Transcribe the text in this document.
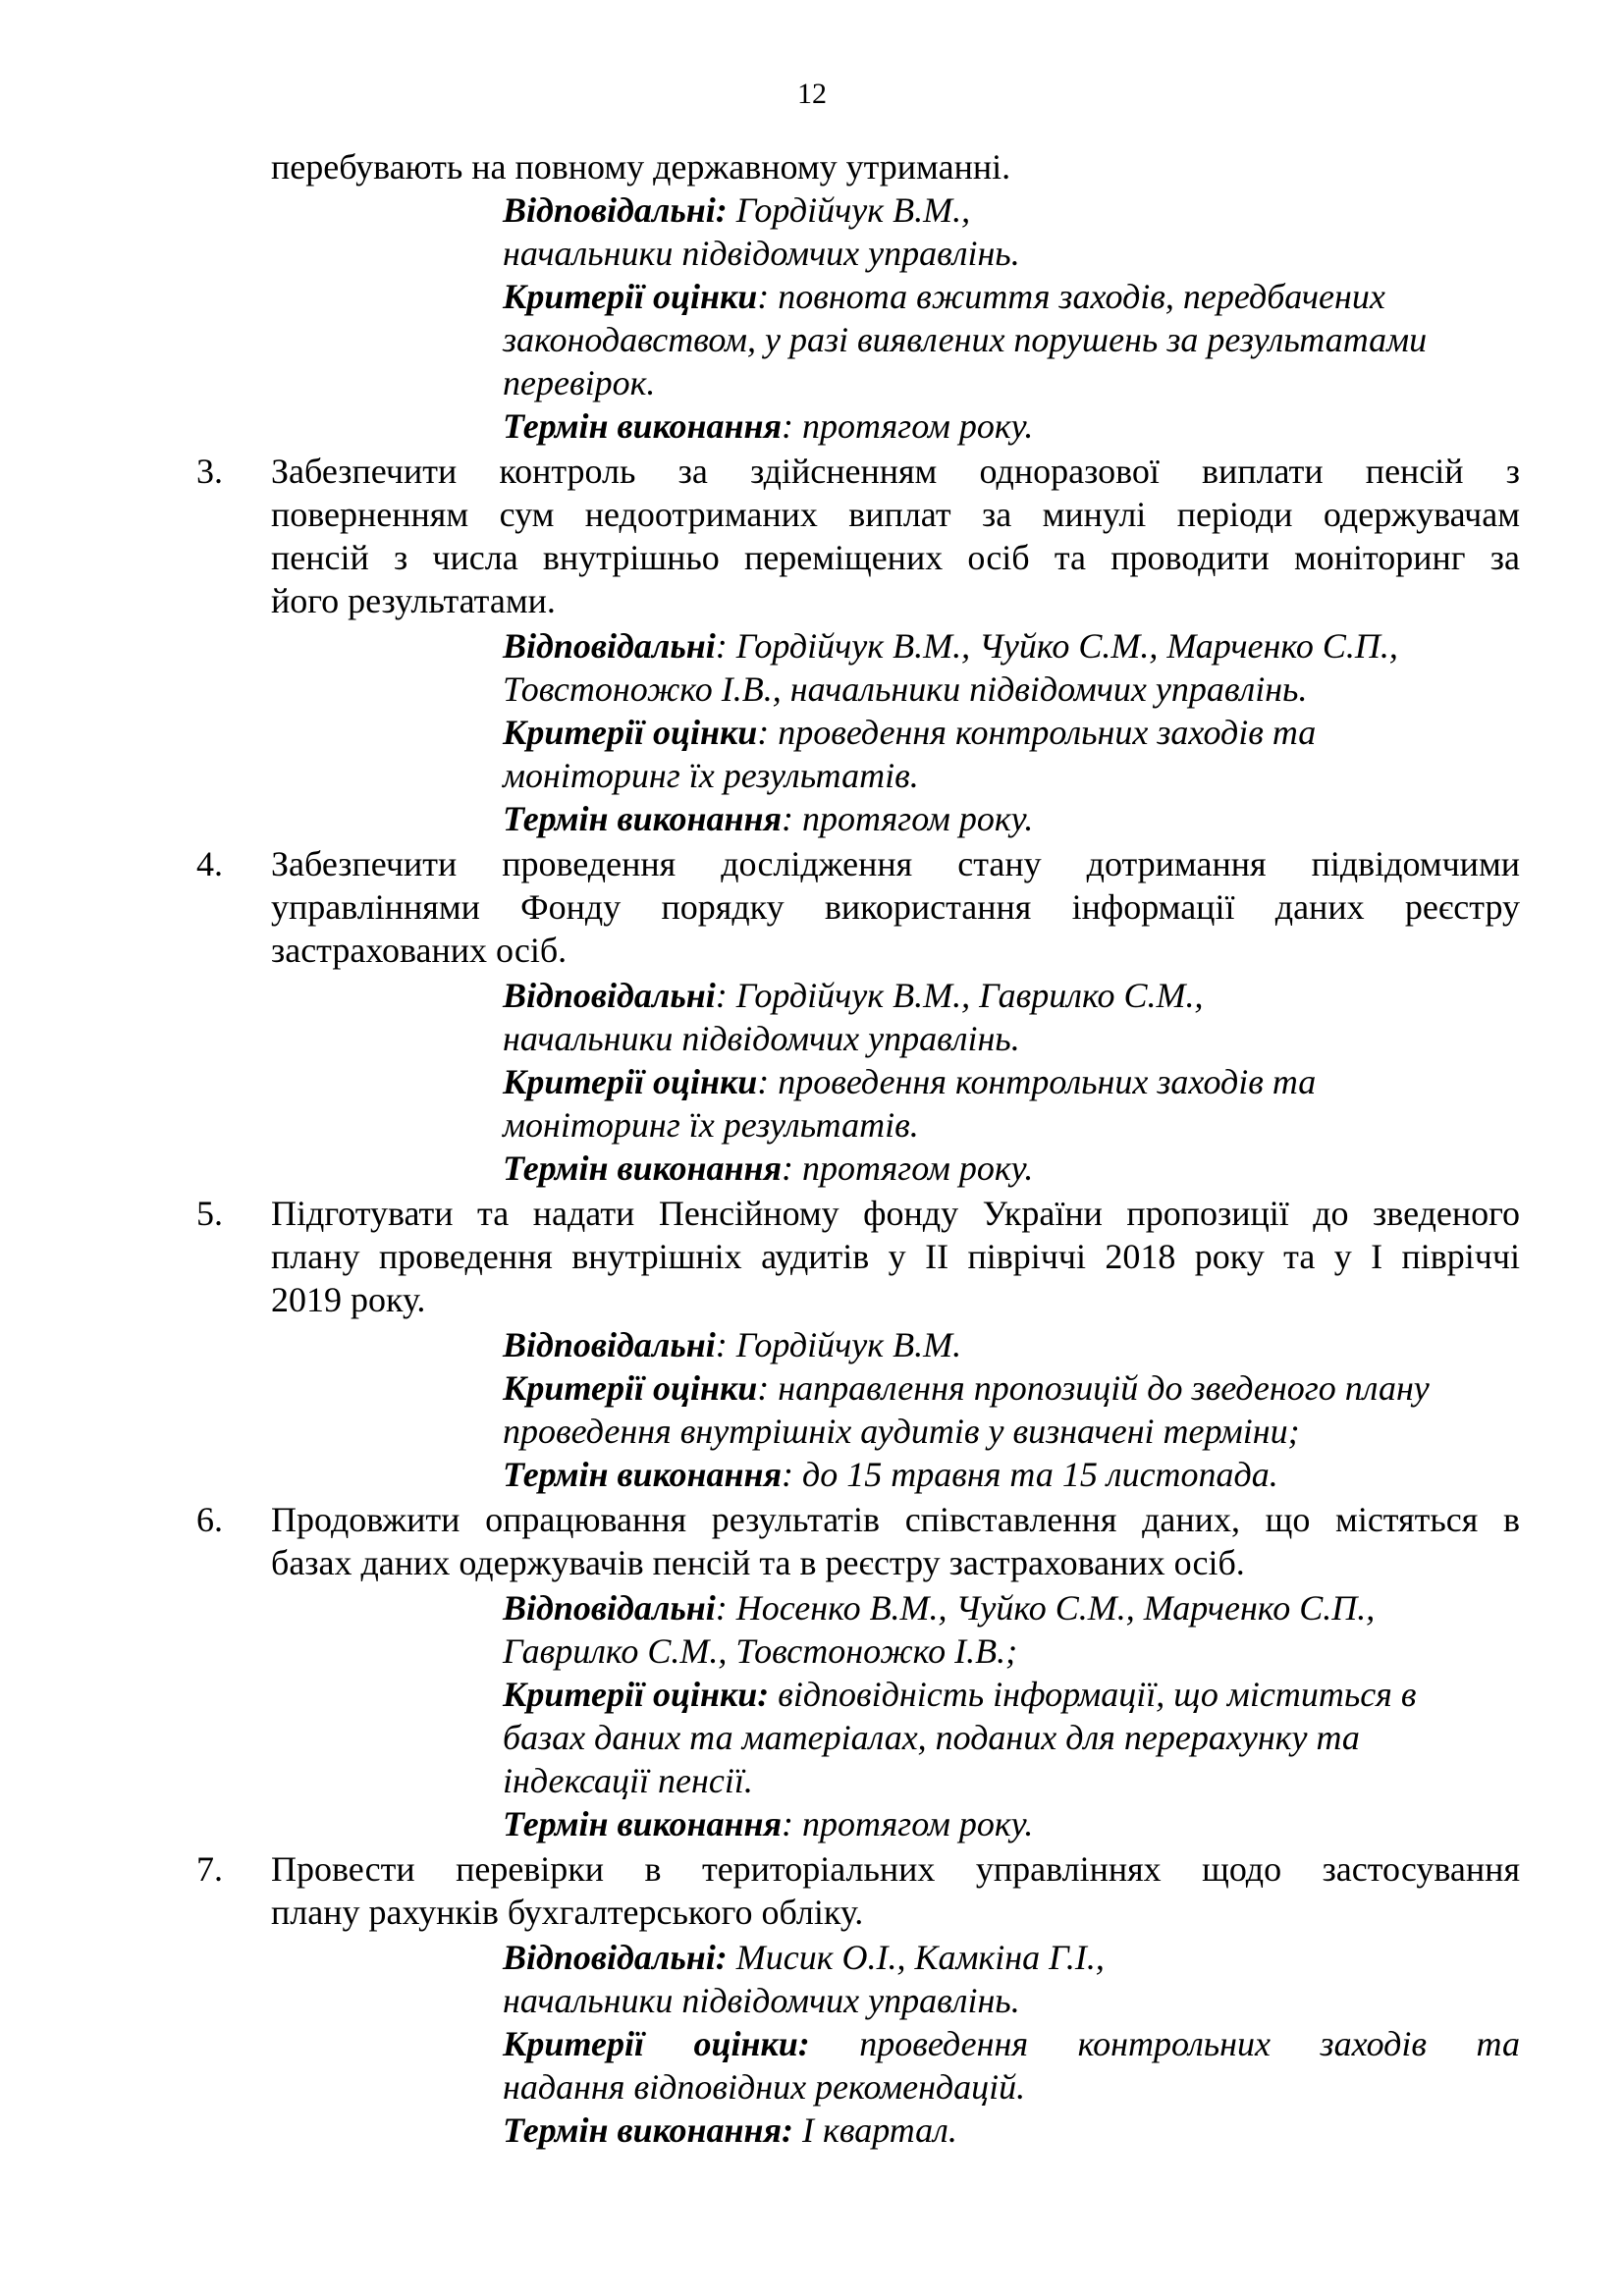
12
перебувають на повному державному утриманні.
Відповідальні: Гордійчук В.М.,
начальники підвідомчих управлінь.
Критерії оцінки: повнота вжиття заходів, передбачених
законодавством, у разі виявлених порушень за результатами
перевірок.
Термін виконання: протягом року.
3. Забезпечити контроль за здійсненням одноразової виплати пенсій з
поверненням сум недоотриманих виплат за минулі періоди одержувачам
пенсій з числа внутрішньо переміщених осіб та проводити моніторинг за
його результатами.
Відповідальні: Гордійчук В.М., Чуйко С.М., Марченко С.П.,
Товстоножко І.В., начальники підвідомчих управлінь.
Критерії оцінки: проведення контрольних заходів та
моніторинг їх результатів.
Термін виконання: протягом року.
4. Забезпечити проведення дослідження стану дотримання підвідомчими
управліннями Фонду порядку використання інформації даних реєстру
застрахованих осіб.
Відповідальні: Гордійчук В.М., Гаврилко С.М.,
начальники підвідомчих управлінь.
Критерії оцінки: проведення контрольних заходів та
моніторинг їх результатів.
Термін виконання: протягом року.
5. Підготувати та надати Пенсійному фонду України пропозиції до зведеного
плану проведення внутрішніх аудитів у ІІ півріччі 2018 року та у І півріччі
2019 року.
Відповідальні: Гордійчук В.М.
Критерії оцінки: направлення пропозицій до зведеного плану
проведення внутрішніх аудитів у визначені терміни;
Термін виконання: до 15 травня та 15 листопада.
6. Продовжити опрацювання результатів співставлення даних, що містяться в
базах даних одержувачів пенсій та в реєстру застрахованих осіб.
Відповідальні: Носенко В.М., Чуйко С.М., Марченко С.П.,
Гаврилко С.М., Товстоножко І.В.;
Критерії оцінки: відповідність інформації, що міститься в
базах даних та матеріалах, поданих для перерахунку та
індексації пенсії.
Термін виконання: протягом року.
7. Провести перевірки в територіальних управліннях щодо застосування
плану рахунків бухгалтерського обліку.
Відповідальні: Мисик О.І., Камкіна Г.І.,
начальники підвідомчих управлінь.
Критерії оцінки: проведення контрольних заходів та
надання відповідних рекомендацій.
Термін виконання: І квартал.
